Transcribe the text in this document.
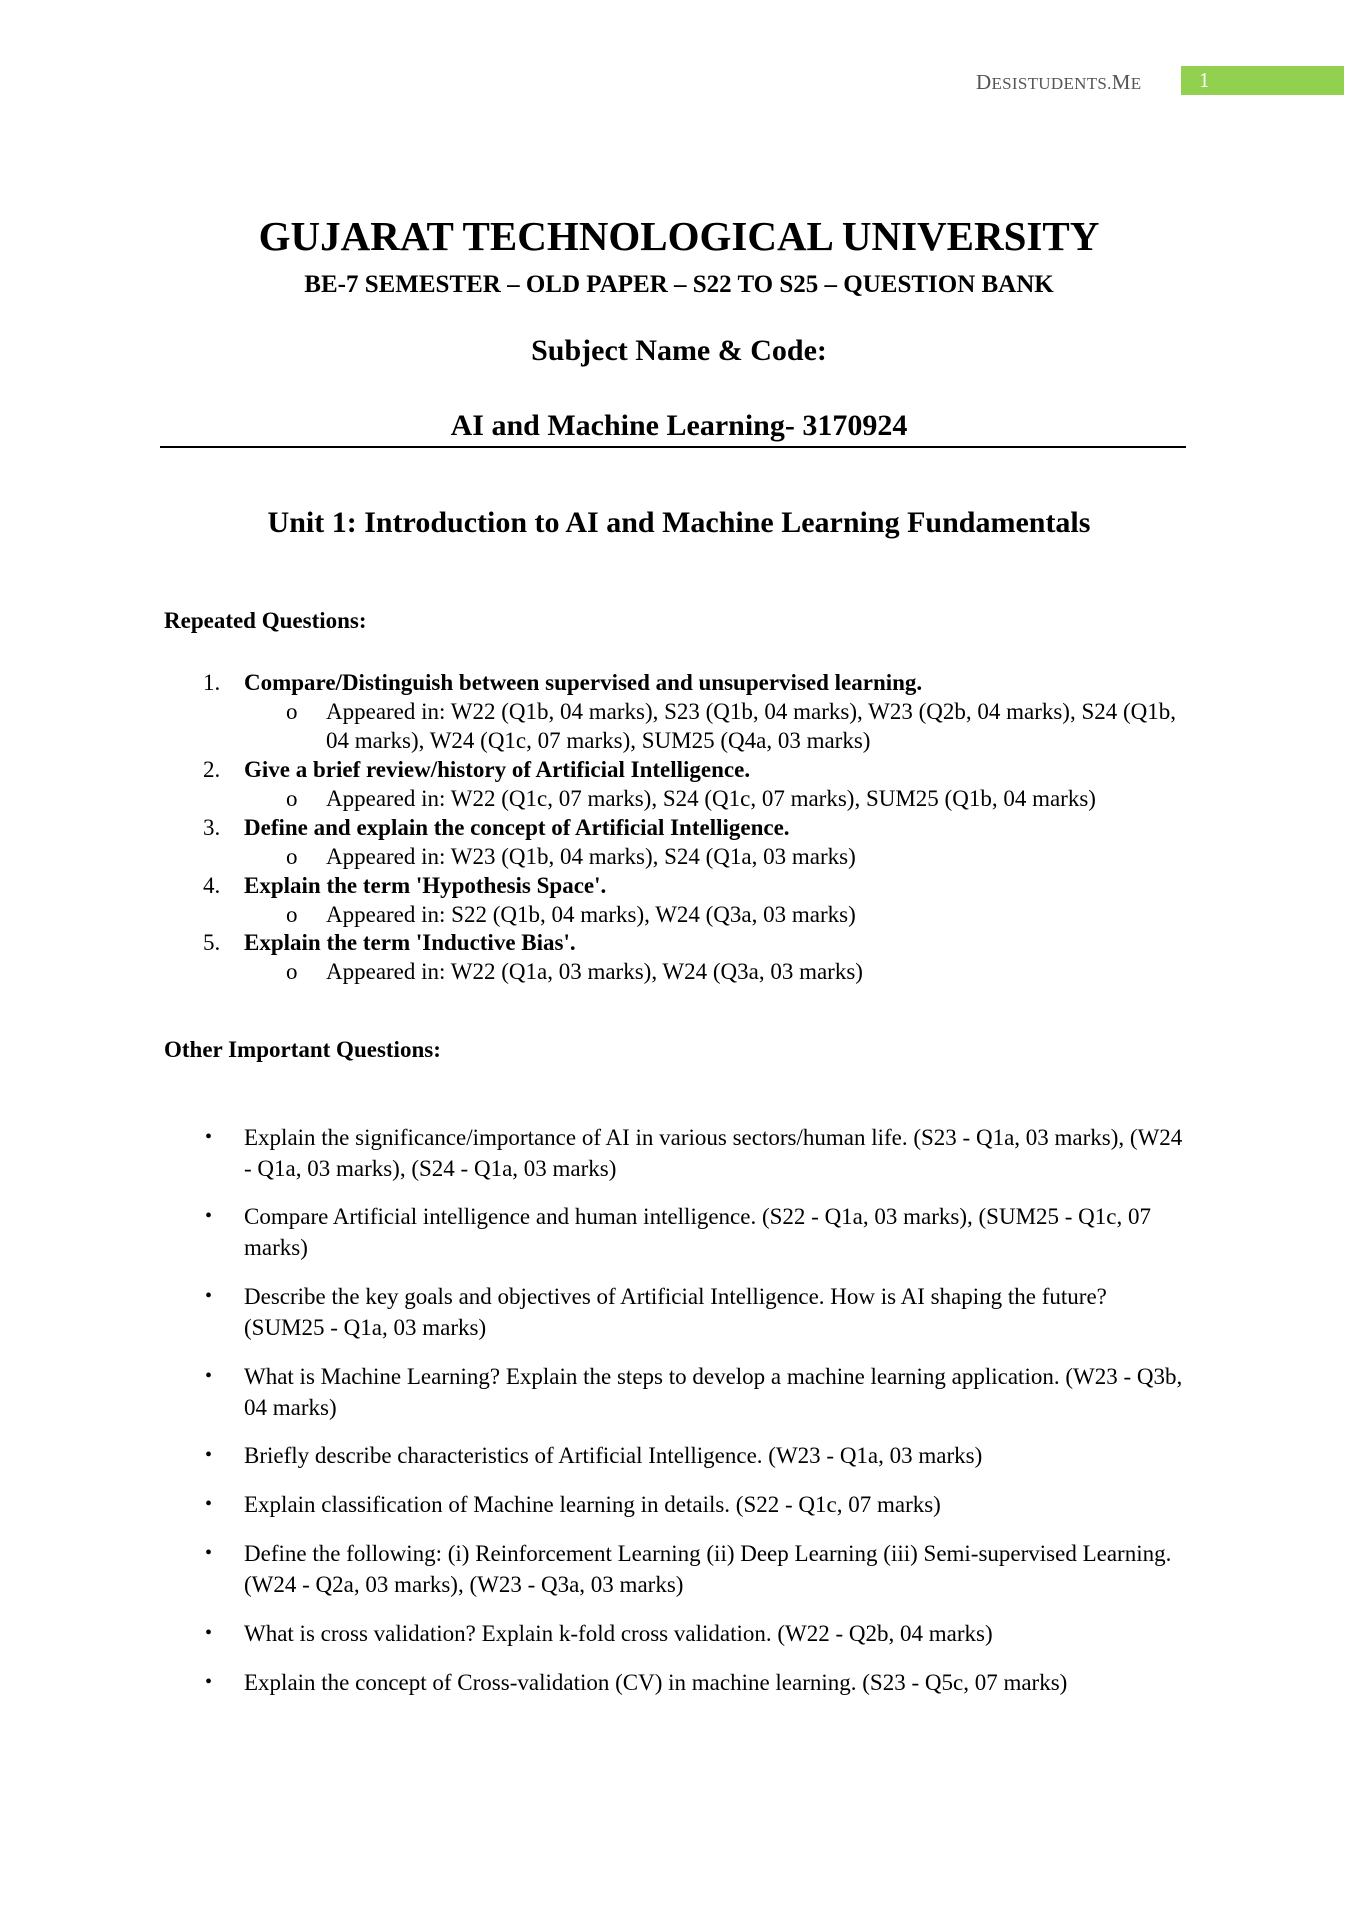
DESISTUDENTS.ME	1
GUJARAT TECHNOLOGICAL UNIVERSITY
BE-7 SEMESTER – OLD PAPER – S22 TO S25 – QUESTION BANK
Subject Name & Code:
AI and Machine Learning- 3170924
Unit 1: Introduction to AI and Machine Learning Fundamentals
Repeated Questions:
1. Compare/Distinguish between supervised and unsupervised learning.
o Appeared in: W22 (Q1b, 04 marks), S23 (Q1b, 04 marks), W23 (Q2b, 04 marks), S24 (Q1b, 04 marks), W24 (Q1c, 07 marks), SUM25 (Q4a, 03 marks)
2. Give a brief review/history of Artificial Intelligence.
o Appeared in: W22 (Q1c, 07 marks), S24 (Q1c, 07 marks), SUM25 (Q1b, 04 marks)
3. Define and explain the concept of Artificial Intelligence.
o Appeared in: W23 (Q1b, 04 marks), S24 (Q1a, 03 marks)
4. Explain the term 'Hypothesis Space'.
o Appeared in: S22 (Q1b, 04 marks), W24 (Q3a, 03 marks)
5. Explain the term 'Inductive Bias'.
o Appeared in: W22 (Q1a, 03 marks), W24 (Q3a, 03 marks)
Other Important Questions:
• Explain the significance/importance of AI in various sectors/human life. (S23 - Q1a, 03 marks), (W24 - Q1a, 03 marks), (S24 - Q1a, 03 marks)
• Compare Artificial intelligence and human intelligence. (S22 - Q1a, 03 marks), (SUM25 - Q1c, 07 marks)
• Describe the key goals and objectives of Artificial Intelligence. How is AI shaping the future? (SUM25 - Q1a, 03 marks)
• What is Machine Learning? Explain the steps to develop a machine learning application. (W23 - Q3b, 04 marks)
• Briefly describe characteristics of Artificial Intelligence. (W23 - Q1a, 03 marks)
• Explain classification of Machine learning in details. (S22 - Q1c, 07 marks)
• Define the following: (i) Reinforcement Learning (ii) Deep Learning (iii) Semi-supervised Learning. (W24 - Q2a, 03 marks), (W23 - Q3a, 03 marks)
• What is cross validation? Explain k-fold cross validation. (W22 - Q2b, 04 marks)
• Explain the concept of Cross-validation (CV) in machine learning. (S23 - Q5c, 07 marks)
